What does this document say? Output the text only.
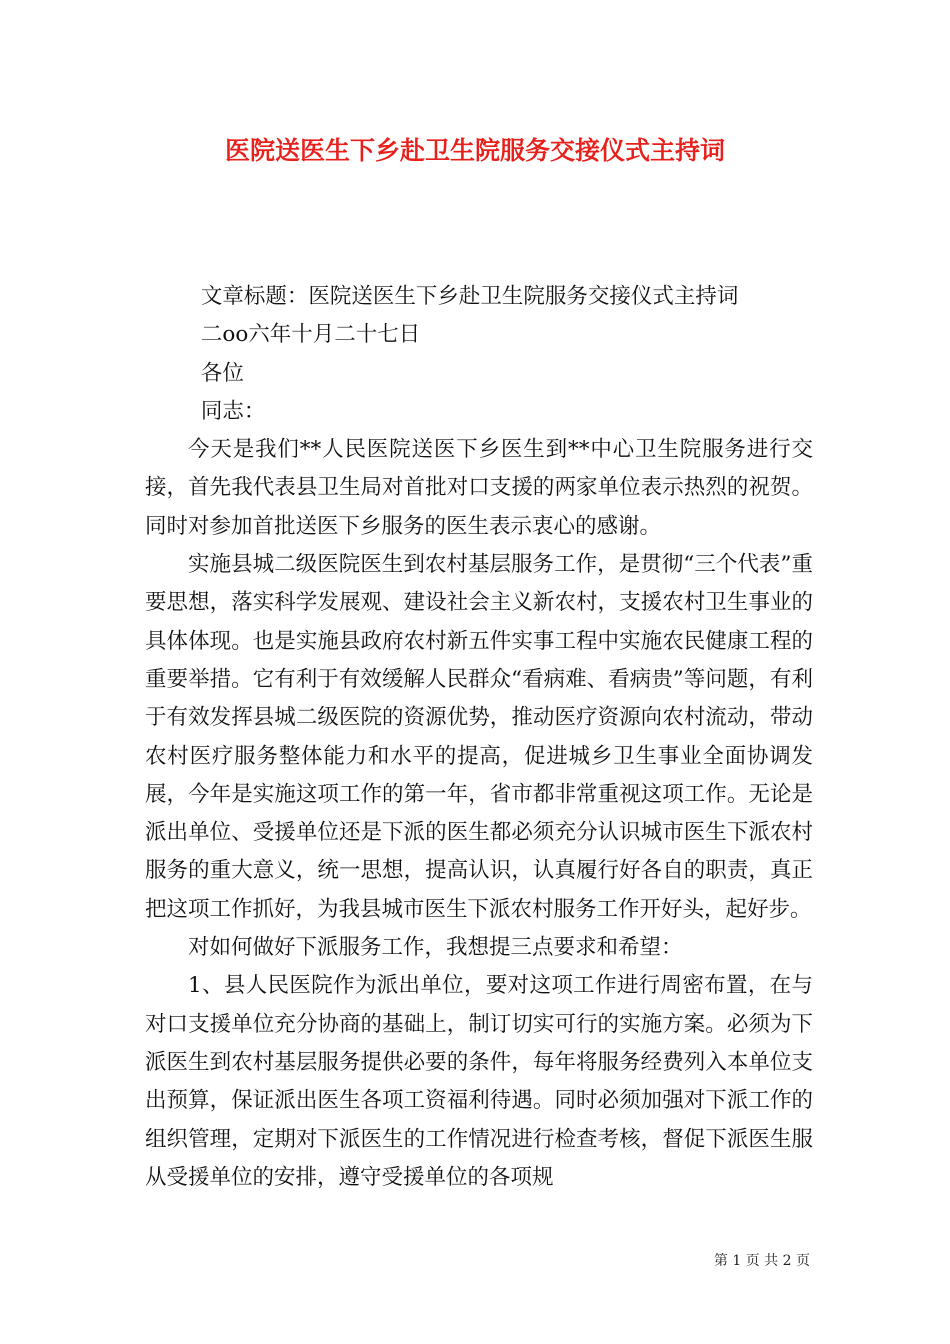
医院送医生下乡赴卫生院服务交接仪式主持词

文章标题：医院送医生下乡赴卫生院服务交接仪式主持词

二oo六年十月二十七日

各位

同志：

今天是我们**人民医院送医下乡医生到**中心卫生院服务进行交接，首先我代表县卫生局对首批对口支援的两家单位表示热烈的祝贺。同时对参加首批送医下乡服务的医生表示衷心的感谢。

实施县城二级医院医生到农村基层服务工作，是贯彻“三个代表”重要思想，落实科学发展观、建设社会主义新农村，支援农村卫生事业的具体体现。也是实施县政府农村新五件实事工程中实施农民健康工程的重要举措。它有利于有效缓解人民群众“看病难、看病贵”等问题，有利于有效发挥县城二级医院的资源优势，推动医疗资源向农村流动，带动农村医疗服务整体能力和水平的提高，促进城乡卫生事业全面协调发展，今年是实施这项工作的第一年，省市都非常重视这项工作。无论是派出单位、受援单位还是下派的医生都必须充分认识城市医生下派农村服务的重大意义，统一思想，提高认识，认真履行好各自的职责，真正把这项工作抓好，为我县城市医生下派农村服务工作开好头，起好步。

对如何做好下派服务工作，我想提三点要求和希望：

1、县人民医院作为派出单位，要对这项工作进行周密布置，在与对口支援单位充分协商的基础上，制订切实可行的实施方案。必须为下派医生到农村基层服务提供必要的条件，每年将服务经费列入本单位支出预算，保证派出医生各项工资福利待遇。同时必须加强对下派工作的组织管理，定期对下派医生的工作情况进行检查考核，督促下派医生服从受援单位的安排，遵守受援单位的各项规

第 1 页 共 2 页
